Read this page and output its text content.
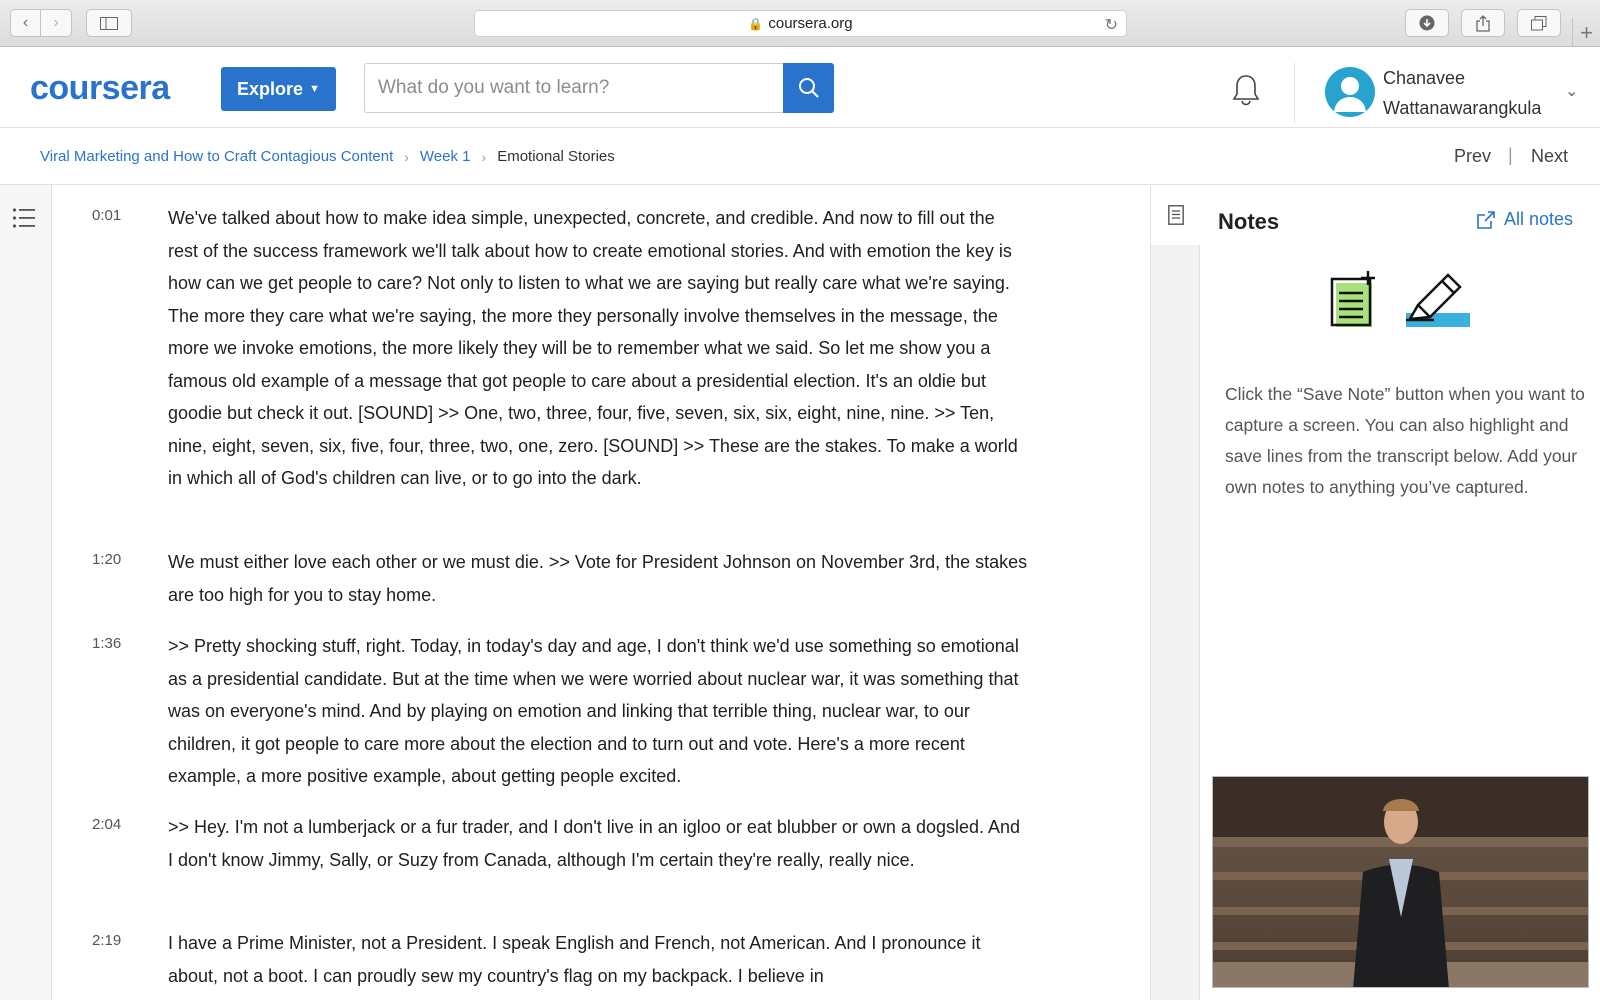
‹	›	🔒 coursera.org	↻	+
coursera	Explore ▼	What do you want to learn?	Chanavee
Wattanawarangkula
⌄
Viral Marketing and How to Craft Contagious Content › Week 1 › Emotional Stories	Prev | Next
0:01	We've talked about how to make idea simple, unexpected, concrete, and credible. And now to fill out the rest of the success framework we'll talk about how to create emotional stories. And with emotion the key is how can we get people to care? Not only to listen to what we are saying but really care what we're saying. The more they care what we're saying, the more they personally involve themselves in the message, the more we invoke emotions, the more likely they will be to remember what we said. So let me show you a famous old example of a message that got people to care about a presidential election. It's an oldie but goodie but check it out. [SOUND] >> One, two, three, four, five, seven, six, six, eight, nine, nine. >> Ten, nine, eight, seven, six, five, four, three, two, one, zero. [SOUND] >> These are the stakes. To make a world in which all of God's children can live, or to go into the dark.
1:20	We must either love each other or we must die. >> Vote for President Johnson on November 3rd, the stakes are too high for you to stay home.
1:36	>> Pretty shocking stuff, right. Today, in today's day and age, I don't think we'd use something so emotional as a presidential candidate. But at the time when we were worried about nuclear war, it was something that was on everyone's mind. And by playing on emotion and linking that terrible thing, nuclear war, to our children, it got people to care more about the election and to turn out and vote. Here's a more recent example, a more positive example, about getting people excited.
2:04	>> Hey. I'm not a lumberjack or a fur trader, and I don't live in an igloo or eat blubber or own a dogsled. And I don't know Jimmy, Sally, or Suzy from Canada, although I'm certain they're really, really nice.
2:19	I have a Prime Minister, not a President. I speak English and French, not American. And I pronounce it about, not a boot. I can proudly sew my country's flag on my backpack. I believe in
Notes	All notes
Click the “Save Note” button when you want to capture a screen. You can also highlight and save lines from the transcript below. Add your own notes to anything you’ve captured.
